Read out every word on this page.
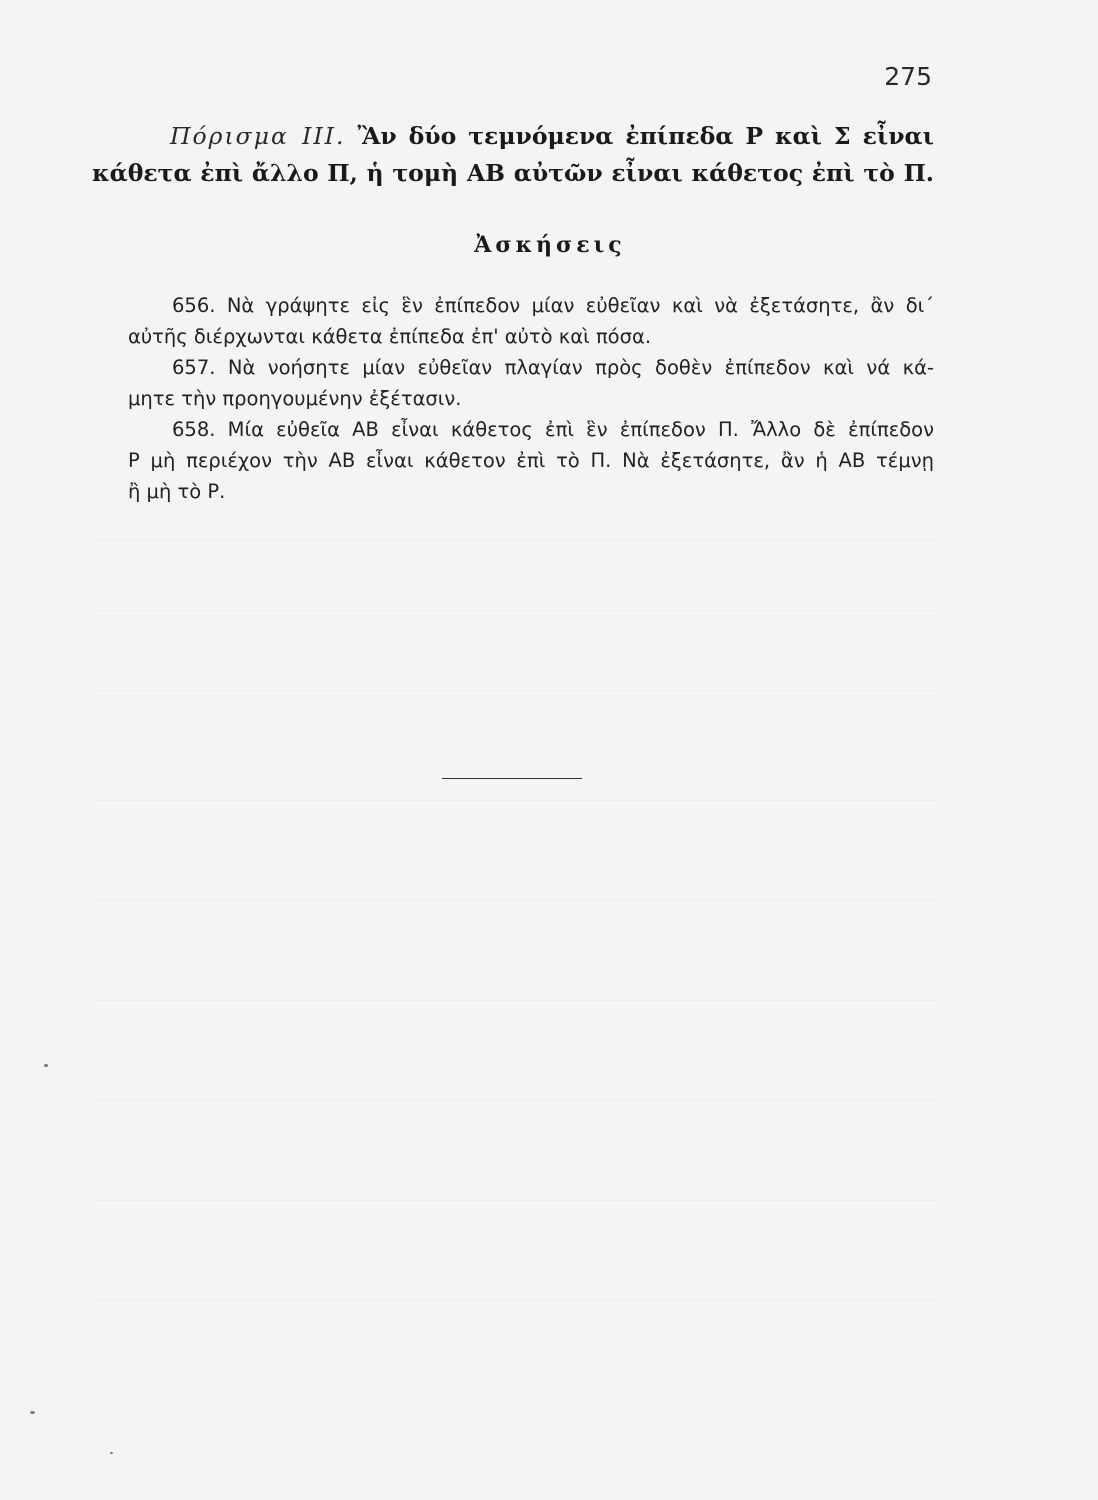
275
Πόρισμα ΙΙΙ. Ἂν δύο τεμνόμενα ἐπίπεδα Ρ καὶ Σ εἶναι
κάθετα ἐπὶ ἄλλο Π, ἡ τομὴ ΑΒ αὐτῶν εἶναι κάθετος ἐπὶ τὸ Π.
Ἀσκήσεις
656. Νὰ γράψητε εἰς ἓν ἐπίπεδον μίαν εὐθεῖαν καὶ νὰ ἐξετάσητε, ἂν δι΄
αὐτῆς διέρχωνται κάθετα ἐπίπεδα ἐπ' αὐτὸ καὶ πόσα.
657. Νὰ νοήσητε μίαν εὐθεῖαν πλαγίαν πρὸς δοθὲν ἐπίπεδον καὶ νά κά-
μητε τὴν προηγουμένην ἐξέτασιν.
658. Μία εὐθεῖα ΑΒ εἶναι κάθετος ἐπὶ ἓν ἐπίπεδον Π. Ἄλλο δὲ ἐπίπεδον
Ρ μὴ περιέχον τὴν ΑΒ εἶναι κάθετον ἐπὶ τὸ Π. Νὰ ἐξετάσητε, ἂν ἡ ΑΒ τέμνῃ
ἢ μὴ τὸ Ρ.
